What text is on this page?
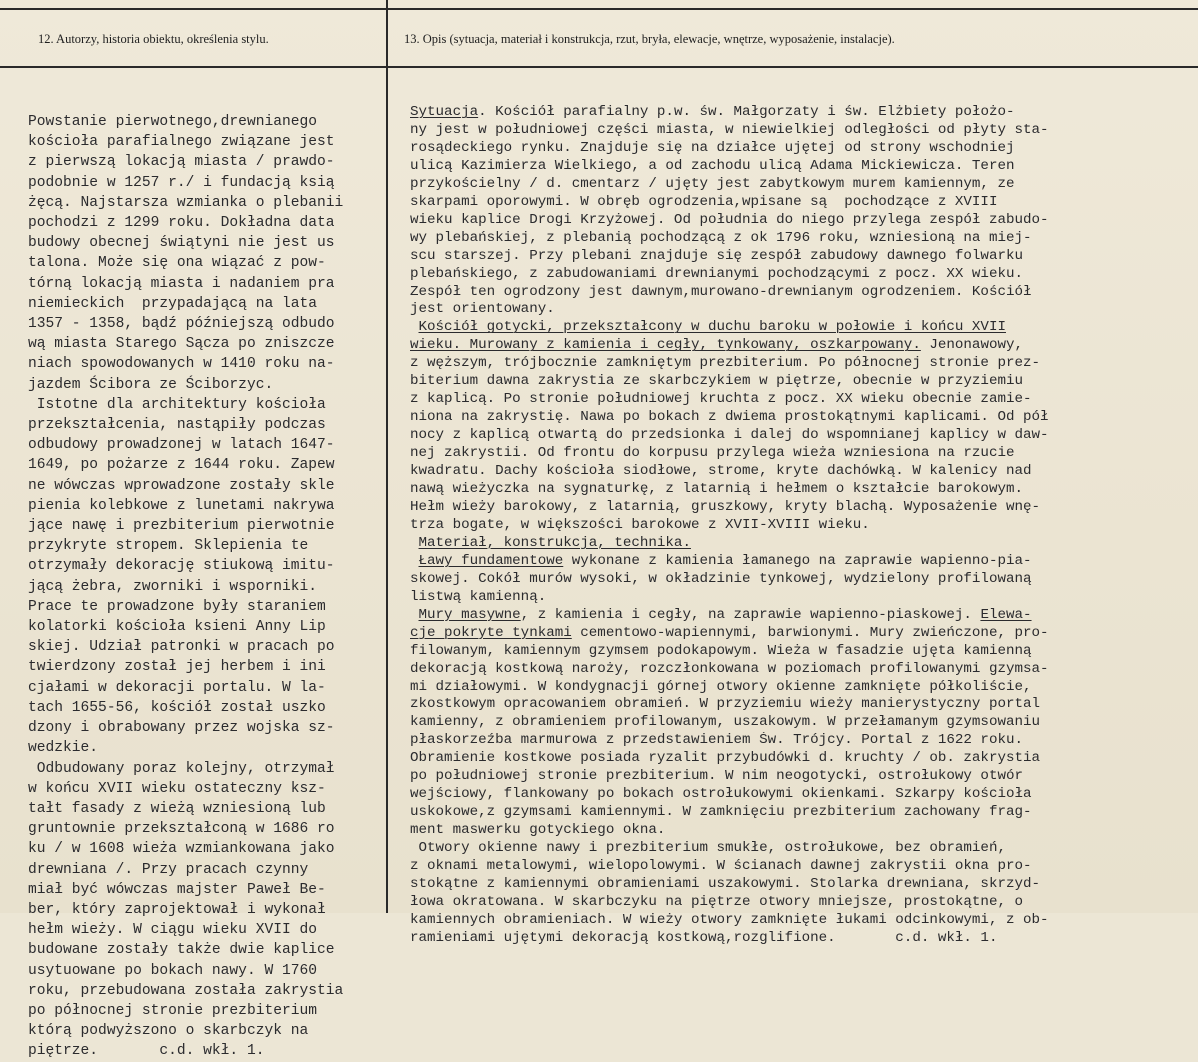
12. Autorzy, historia obiektu, określenia stylu.	13. Opis (sytuacja, materiał i konstrukcja, rzut, bryła, elewacje, wnętrze, wyposażenie, instalacje).
Powstanie pierwotnego,drewnianego
kościoła parafialnego związane jest
z pierwszą lokacją miasta / prawdo-
podobnie w 1257 r./ i fundacją ksią
żęcą. Najstarsza wzmianka o plebanii
pochodzi z 1299 roku. Dokładna data
budowy obecnej świątyni nie jest us
talona. Może się ona wiązać z pow-
tórną lokacją miasta i nadaniem pra
niemieckich  przypadającą na lata
1357 - 1358, bądź późniejszą odbudo
wą miasta Starego Sącza po zniszcze
niach spowodowanych w 1410 roku na-
jazdem Ścibora ze Ściborzyc.
Istotne dla architektury kościoła
przekształcenia, nastąpiły podczas
odbudowy prowadzonej w latach 1647-
1649, po pożarze z 1644 roku. Zapew
ne wówczas wprowadzone zostały skle
pienia kolebkowe z lunetami nakrywa
jące nawę i prezbiterium pierwotnie
przykryte stropem. Sklepienia te
otrzymały dekorację stiukową imitu-
jącą żebra, zworniki i wsporniki.
Prace te prowadzone były staraniem
kolatorki kościoła ksieni Anny Lip
skiej. Udział patronki w pracach po
twierdzony został jej herbem i ini
cjałami w dekoracji portalu. W la-
tach 1655-56, kościół został uszko
dzony i obrabowany przez wojska sz-
wedzkie.
Odbudowany poraz kolejny, otrzymał
w końcu XVII wieku ostateczny ksz-
tałt fasady z wieżą wzniesioną lub
gruntownie przekształconą w 1686 ro
ku / w 1608 wieża wzmiankowana jako
drewniana /. Przy pracach czynny
miał być wówczas majster Paweł Be-
ber, który zaprojektował i wykonał
hełm wieży. W ciągu wieku XVII do
budowane zostały także dwie kaplice
usytuowane po bokach nawy. W 1760
roku, przebudowana została zakrystia
po północnej stronie prezbiterium
którą podwyższono o skarbczyk na
piętrze.       c.d. wkł. 1.
Sytuacja. Kościół parafialny p.w. św. Małgorzaty i św. Elżbiety położo-
ny jest w południowej części miasta, w niewielkiej odległości od płyty sta-
rosądeckiego rynku. Znajduje się na działce ujętej od strony wschodniej
ulicą Kazimierza Wielkiego, a od zachodu ulicą Adama Mickiewicza. Teren
przykościelny / d. cmentarz / ujęty jest zabytkowym murem kamiennym, ze
skarpami oporowymi. W obręb ogrodzenia,wpisane są  pochodzące z XVIII
wieku kaplice Drogi Krzyżowej. Od południa do niego przylega zespół zabudo-
wy plebańskiej, z plebanią pochodzącą z ok 1796 roku, wzniesioną na miej-
scu starszej. Przy plebani znajduje się zespół zabudowy dawnego folwarku
plebańskiego, z zabudowaniami drewnianymi pochodzącymi z pocz. XX wieku.
Zespół ten ogrodzony jest dawnym,murowano-drewnianym ogrodzeniem. Kościół
jest orientowany.
Kościół gotycki, przekształcony w duchu baroku w połowie i końcu XVII
wieku. Murowany z kamienia i cegły, tynkowany, oszkarpowany. Jenonawowy,
z węższym, trójbocznie zamkniętym prezbiterium. Po północnej stronie prez-
biterium dawna zakrystia ze skarbczykiem w piętrze, obecnie w przyziemiu
z kaplicą. Po stronie południowej kruchta z pocz. XX wieku obecnie zamie-
niona na zakrystię. Nawa po bokach z dwiema prostokątnymi kaplicami. Od pół
nocy z kaplicą otwartą do przedsionka i dalej do wspomnianej kaplicy w daw-
nej zakrystii. Od frontu do korpusu przylega wieża wzniesiona na rzucie
kwadratu. Dachy kościoła siodłowe, strome, kryte dachówką. W kalenicy nad
nawą wieżyczka na sygnaturkę, z latarnią i hełmem o kształcie barokowym.
Hełm wieży barokowy, z latarnią, gruszkowy, kryty blachą. Wyposażenie wnę-
trza bogate, w większości barokowe z XVII-XVIII wieku.
Materiał, konstrukcja, technika.
Ławy fundamentowe wykonane z kamienia łamanego na zaprawie wapienno-pia-
skowej. Cokół murów wysoki, w okładzinie tynkowej, wydzielony profilowaną
listwą kamienną.
Mury masywne, z kamienia i cegły, na zaprawie wapienno-piaskowej. Elewa-
cje pokryte tynkami cementowo-wapiennymi, barwionymi. Mury zwieńczone, pro-
filowanym, kamiennym gzymsem podokapowym. Wieża w fasadzie ujęta kamienną
dekoracją kostkową naroży, rozczłonkowana w poziomach profilowanymi gzymsa-
mi działowymi. W kondygnacji górnej otwory okienne zamknięte półkoliście,
zkostkowym opracowaniem obramień. W przyziemiu wieży manierystyczny portal
kamienny, z obramieniem profilowanym, uszakowym. W przełamanym gzymsowaniu
płaskorzeźba marmurowa z przedstawieniem Św. Trójcy. Portal z 1622 roku.
Obramienie kostkowe posiada ryzalit przybudówki d. kruchty / ob. zakrystia
po południowej stronie prezbiterium. W nim neogotycki, ostrołukowy otwór
wejściowy, flankowany po bokach ostrołukowymi okienkami. Szkarpy kościoła
uskokowe,z gzymsami kamiennymi. W zamknięciu prezbiterium zachowany frag-
ment maswerku gotyckiego okna.
Otwory okienne nawy i prezbiterium smukłe, ostrołukowe, bez obramień,
z oknami metalowymi, wielopolowymi. W ścianach dawnej zakrystii okna pro-
stokątne z kamiennymi obramieniami uszakowymi. Stolarka drewniana, skrzyd-
łowa okratowana. W skarbczyku na piętrze otwory mniejsze, prostokątne, o
kamiennych obramieniach. W wieży otwory zamknięte łukami odcinkowymi, z ob-
ramieniami ujętymi dekoracją kostkową,rozglifione.       c.d. wkł. 1.
